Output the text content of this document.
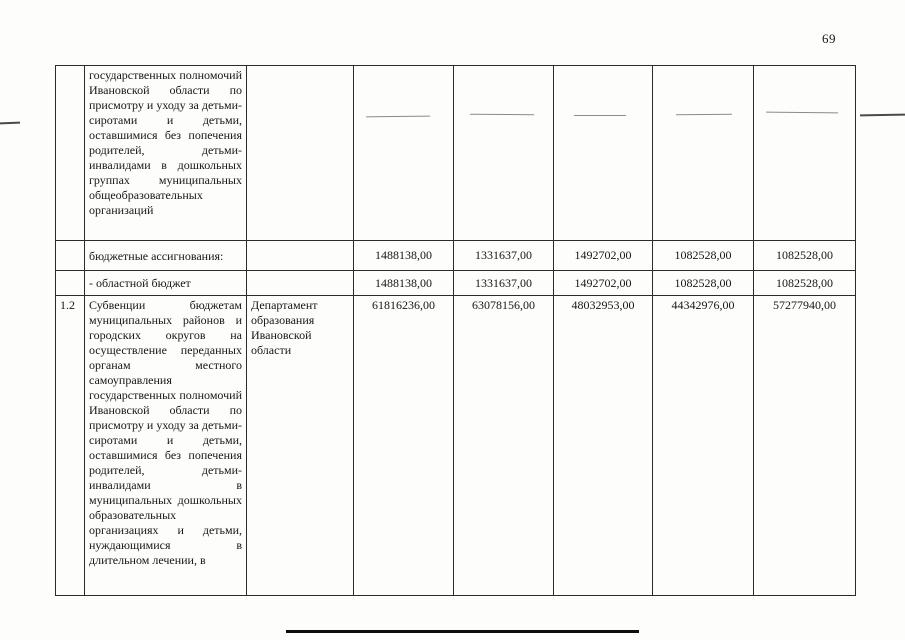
69
	государственных полномочий Ивановской области по присмотру и уходу за детьми-сиротами и детьми, оставшимися без попечения родителей, детьми-инвалидами в дошкольных группах муниципальных общеобразовательных организаций						
	бюджетные ассигнования:		1488138,00	1331637,00	1492702,00	1082528,00	1082528,00
	- областной бюджет		1488138,00	1331637,00	1492702,00	1082528,00	1082528,00
1.2	Субвенции бюджетам муниципальных районов и городских округов на осуществление переданных органам местного самоуправления государственных полномочий Ивановской области по присмотру и уходу за детьми-сиротами и детьми, оставшимися без попечения родителей, детьми-инвалидами в муниципальных дошкольных образовательных организациях и детьми, нуждающимися в длительном лечении, в	Департамент образования Ивановской области	61816236,00	63078156,00	48032953,00	44342976,00	57277940,00
